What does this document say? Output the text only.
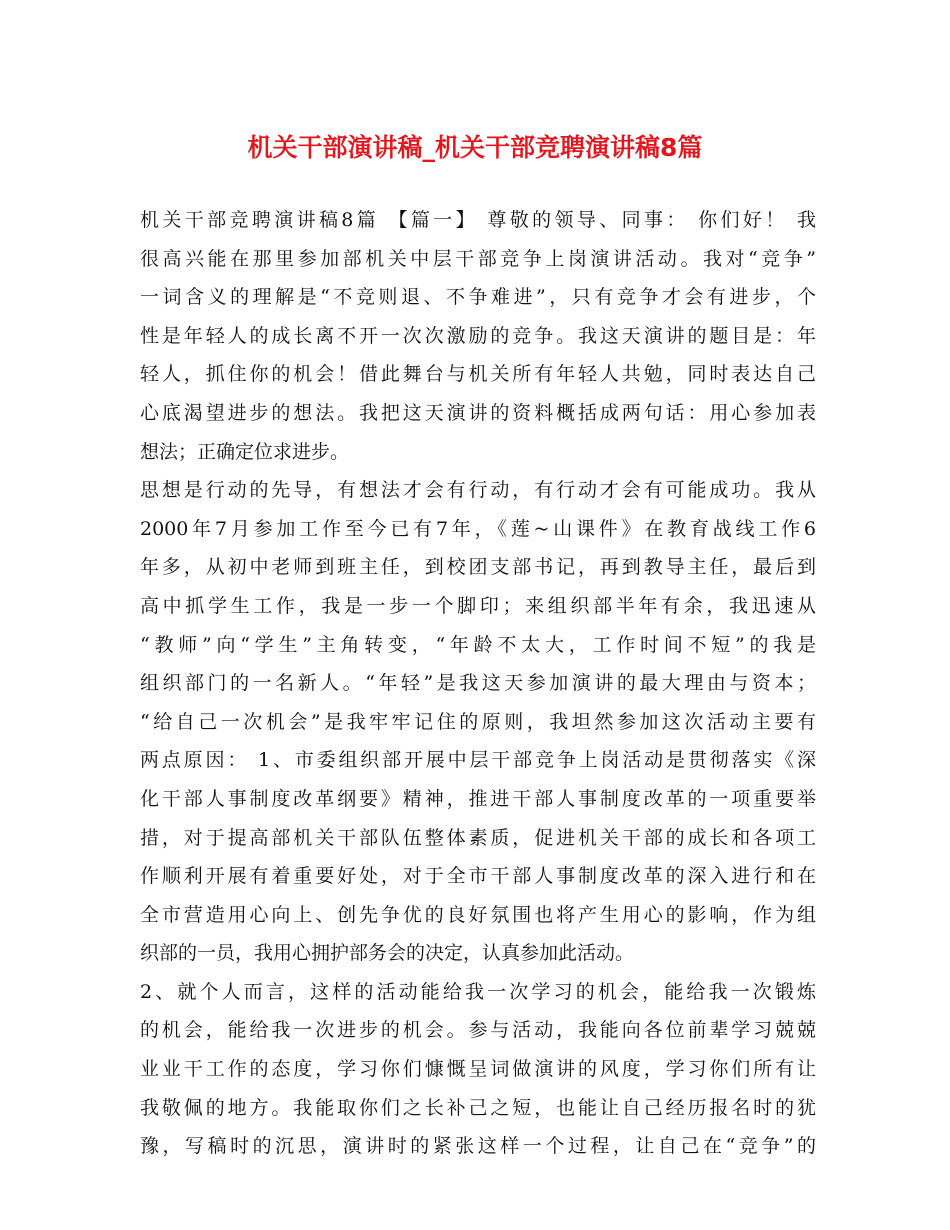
机关干部演讲稿_机关干部竞聘演讲稿8篇
机关干部竞聘演讲稿8篇 【篇一】 尊敬的领导、同事： 你们好！ 我
很高兴能在那里参加部机关中层干部竞争上岗演讲活动。我对“竞争”
一词含义的理解是“不竞则退、不争难进”，只有竞争才会有进步，个
性是年轻人的成长离不开一次次激励的竞争。我这天演讲的题目是：年
轻人，抓住你的机会！借此舞台与机关所有年轻人共勉，同时表达自己
心底渴望进步的想法。我把这天演讲的资料概括成两句话：用心参加表
想法；正确定位求进步。
思想是行动的先导，有想法才会有行动，有行动才会有可能成功。我从
2000年7月参加工作至今已有7年，《莲~山课件》在教育战线工作6
年多，从初中老师到班主任，到校团支部书记，再到教导主任，最后到
高中抓学生工作，我是一步一个脚印；来组织部半年有余，我迅速从
“教师”向“学生”主角转变，“年龄不太大，工作时间不短”的我是
组织部门的一名新人。“年轻”是我这天参加演讲的最大理由与资本；
“给自己一次机会”是我牢牢记住的原则，我坦然参加这次活动主要有
两点原因： 1、市委组织部开展中层干部竞争上岗活动是贯彻落实《深
化干部人事制度改革纲要》精神，推进干部人事制度改革的一项重要举
措，对于提高部机关干部队伍整体素质，促进机关干部的成长和各项工
作顺利开展有着重要好处，对于全市干部人事制度改革的深入进行和在
全市营造用心向上、创先争优的良好氛围也将产生用心的影响，作为组
织部的一员，我用心拥护部务会的决定，认真参加此活动。
2、就个人而言，这样的活动能给我一次学习的机会，能给我一次锻炼
的机会，能给我一次进步的机会。参与活动，我能向各位前辈学习兢兢
业业干工作的态度，学习你们慷慨呈词做演讲的风度，学习你们所有让
我敬佩的地方。我能取你们之长补己之短，也能让自己经历报名时的犹
豫，写稿时的沉思，演讲时的紧张这样一个过程，让自己在“竞争”的
